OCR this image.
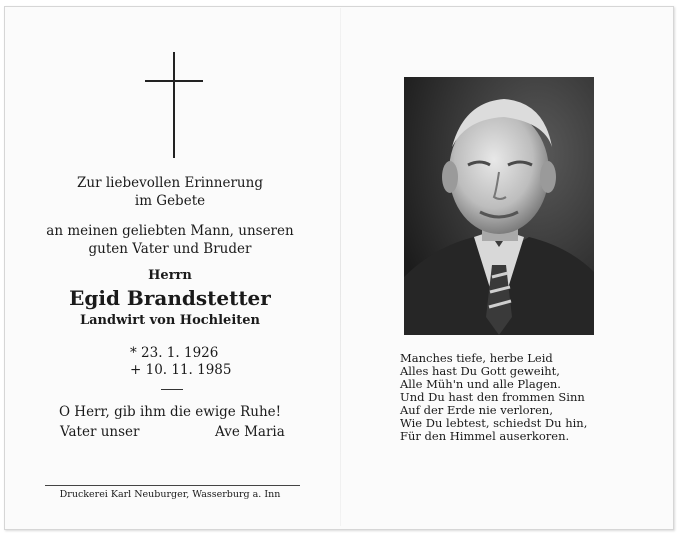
Zur liebevollen Erinnerung
im Gebete
an meinen geliebten Mann, unseren
guten Vater und Bruder
Herrn
Egid Brandstetter
Landwirt von Hochleiten
* 23. 1. 1926
+ 10. 11. 1985
O Herr, gib ihm die ewige Ruhe!
Vater unser	Ave Maria
Druckerei Karl Neuburger, Wasserburg a. Inn
Manches tiefe, herbe Leid
Alles hast Du Gott geweiht,
Alle Müh'n und alle Plagen.
Und Du hast den frommen Sinn
Auf der Erde nie verloren,
Wie Du lebtest, schiedst Du hin,
Für den Himmel auserkoren.
